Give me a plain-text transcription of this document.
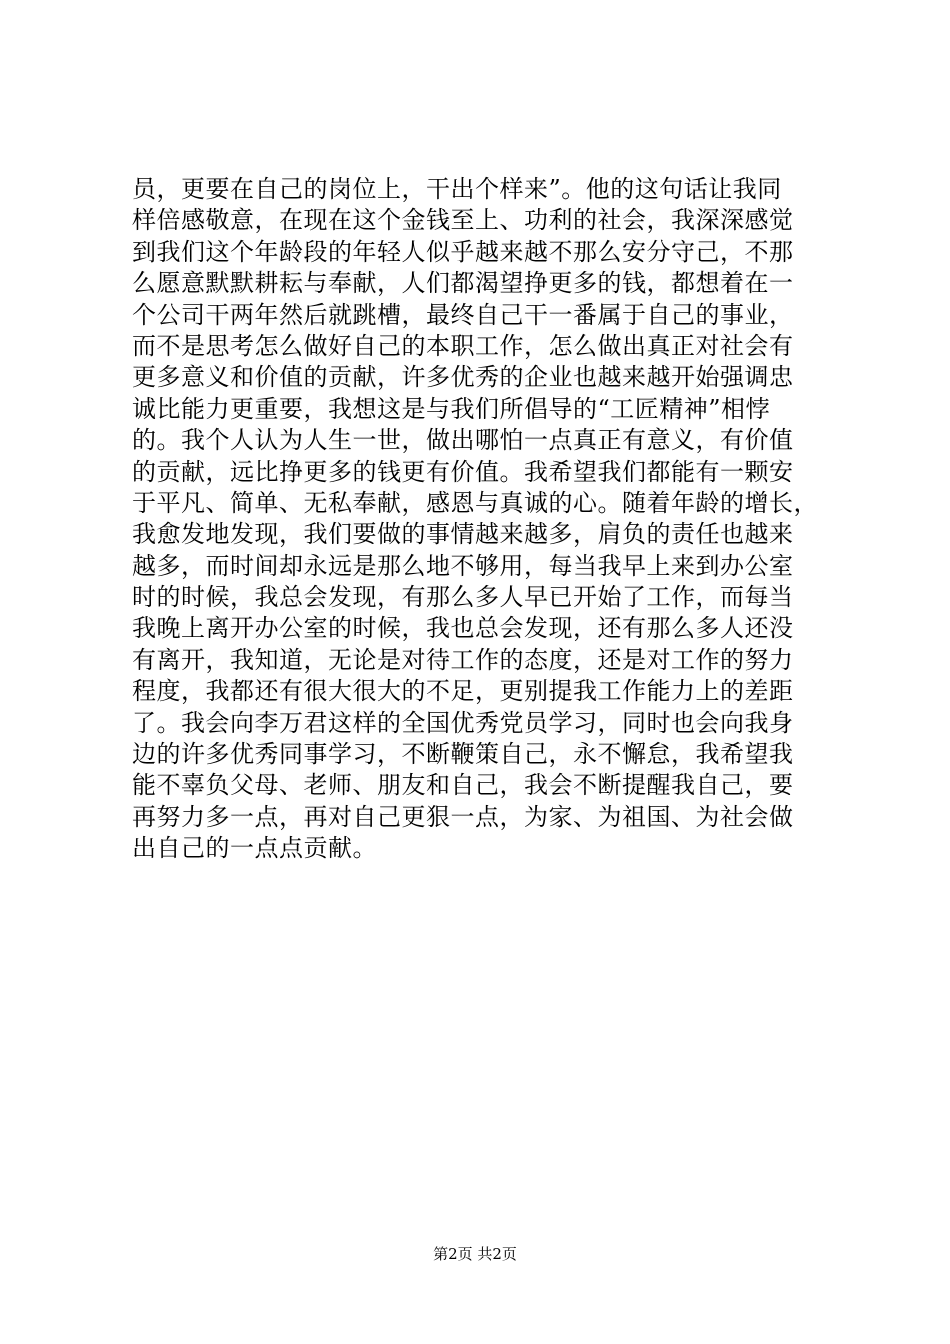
员，更要在自己的岗位上，干出个样来”。他的这句话让我同
样倍感敬意，在现在这个金钱至上、功利的社会，我深深感觉
到我们这个年龄段的年轻人似乎越来越不那么安分守己，不那
么愿意默默耕耘与奉献，人们都渴望挣更多的钱，都想着在一
个公司干两年然后就跳槽，最终自己干一番属于自己的事业，
而不是思考怎么做好自己的本职工作，怎么做出真正对社会有
更多意义和价值的贡献，许多优秀的企业也越来越开始强调忠
诚比能力更重要，我想这是与我们所倡导的“工匠精神”相悖
的。我个人认为人生一世，做出哪怕一点真正有意义，有价值
的贡献，远比挣更多的钱更有价值。我希望我们都能有一颗安
于平凡、简单、无私奉献，感恩与真诚的心。随着年龄的增长，
我愈发地发现，我们要做的事情越来越多，肩负的责任也越来
越多，而时间却永远是那么地不够用，每当我早上来到办公室
时的时候，我总会发现，有那么多人早已开始了工作，而每当
我晚上离开办公室的时候，我也总会发现，还有那么多人还没
有离开，我知道，无论是对待工作的态度，还是对工作的努力
程度，我都还有很大很大的不足，更别提我工作能力上的差距
了。我会向李万君这样的全国优秀党员学习，同时也会向我身
边的许多优秀同事学习，不断鞭策自己，永不懈怠，我希望我
能不辜负父母、老师、朋友和自己，我会不断提醒我自己，要
再努力多一点，再对自己更狠一点，为家、为祖国、为社会做
出自己的一点点贡献。
第2页 共2页
